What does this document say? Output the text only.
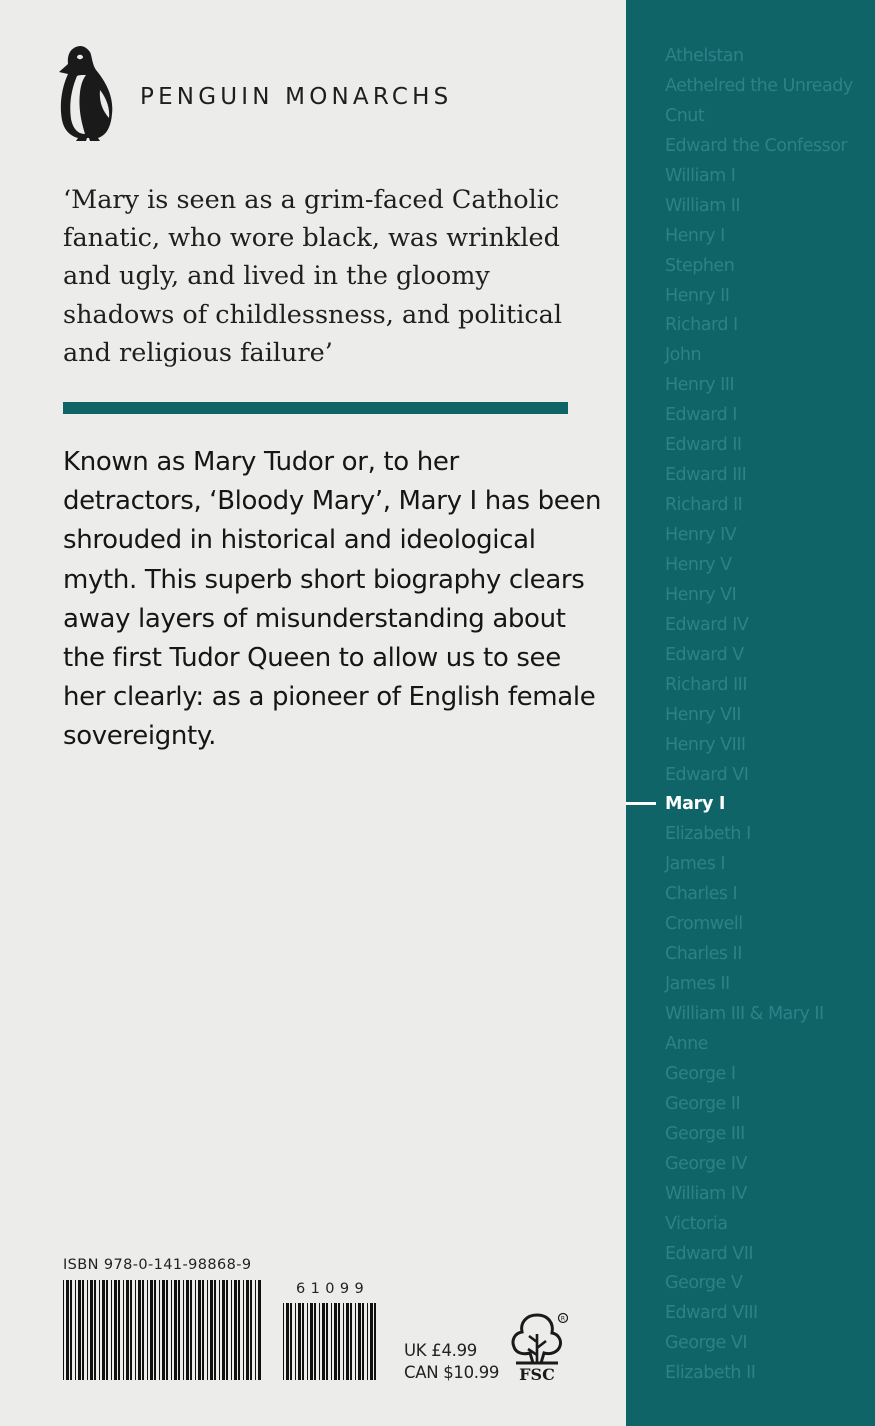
PENGUIN MONARCHS

‘Mary is seen as a grim-faced Catholic fanatic, who wore black, was wrinkled and ugly, and lived in the gloomy shadows of childlessness, and political and religious failure’

Known as Mary Tudor or, to her detractors, ‘Bloody Mary’, Mary I has been shrouded in historical and ideological myth. This superb short biography clears away layers of misunderstanding about the first Tudor Queen to allow us to see her clearly: as a pioneer of English female sovereignty.

ISBN 978-0-141-98868-9
61099
UK £4.99
CAN $10.99
R
FSC
Athelstan
Aethelred the Unready
Cnut
Edward the Confessor
William I
William II
Henry I
Stephen
Henry II
Richard I
John
Henry III
Edward I
Edward II
Edward III
Richard II
Henry IV
Henry V
Henry VI
Edward IV
Edward V
Richard III
Henry VII
Henry VIII
Edward VI
Mary I
Elizabeth I
James I
Charles I
Cromwell
Charles II
James II
William III & Mary II
Anne
George I
George II
George III
George IV
William IV
Victoria
Edward VII
George V
Edward VIII
George VI
Elizabeth II
